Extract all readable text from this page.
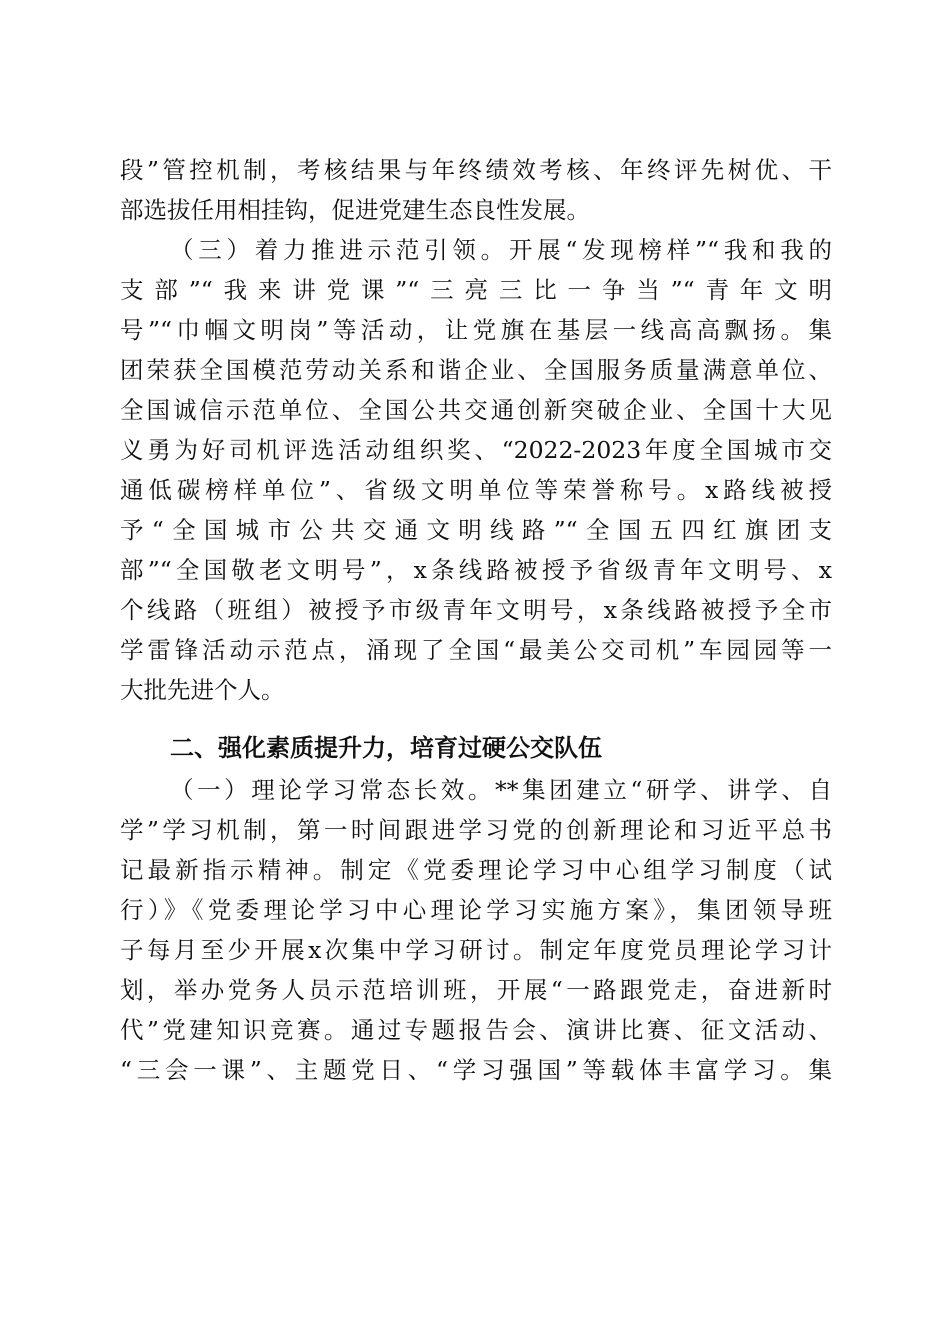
段”管控机制，考核结果与年终绩效考核、年终评先树优、干
部选拔任用相挂钩，促进党建生态良性发展。
（三）着力推进示范引领。开展“发现榜样”“我和我的
支部”“我来讲党课”“三亮三比一争当”“青年文明
号”“巾帼文明岗”等活动，让党旗在基层一线高高飘扬。集
团荣获全国模范劳动关系和谐企业、全国服务质量满意单位、
全国诚信示范单位、全国公共交通创新突破企业、全国十大见
义勇为好司机评选活动组织奖、“2022-2023年度全国城市交
通低碳榜样单位”、省级文明单位等荣誉称号。x路线被授
予“全国城市公共交通文明线路”“全国五四红旗团支
部”“全国敬老文明号”，x条线路被授予省级青年文明号、x
个线路（班组）被授予市级青年文明号，x条线路被授予全市
学雷锋活动示范点，涌现了全国“最美公交司机”车园园等一
大批先进个人。
二、强化素质提升力，培育过硬公交队伍
（一）理论学习常态长效。**集团建立“研学、讲学、自
学”学习机制，第一时间跟进学习党的创新理论和习近平总书
记最新指示精神。制定《党委理论学习中心组学习制度（试
行）》《党委理论学习中心理论学习实施方案》，集团领导班
子每月至少开展x次集中学习研讨。制定年度党员理论学习计
划，举办党务人员示范培训班，开展“一路跟党走，奋进新时
代”党建知识竞赛。通过专题报告会、演讲比赛、征文活动、
“三会一课”、主题党日、“学习强国”等载体丰富学习。集
